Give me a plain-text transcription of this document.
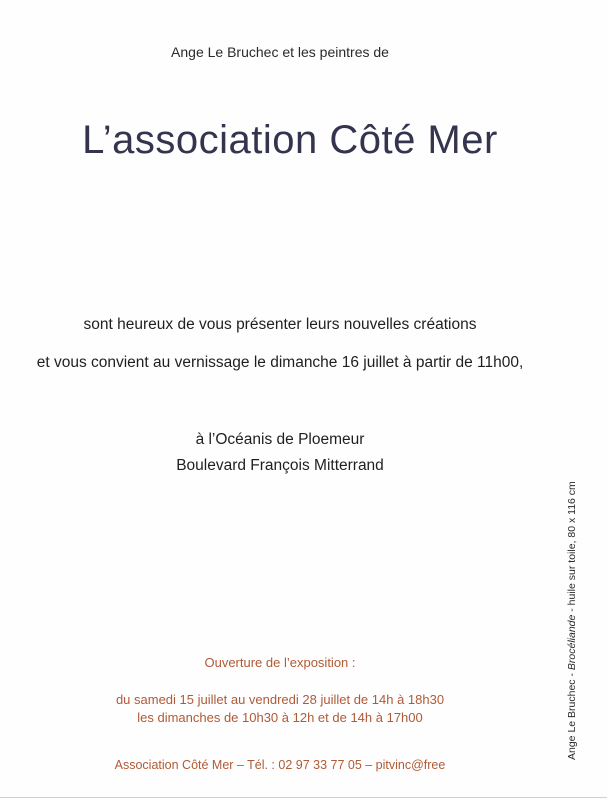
Ange Le Bruchec et les peintres de
L’association Côté Mer
sont heureux de vous présenter leurs nouvelles créations
et vous convient au vernissage le dimanche 16 juillet à partir de 11h00,
à l’Océanis de Ploemeur
Boulevard François Mitterrand
Ouverture de l’exposition :
du samedi 15 juillet au vendredi 28 juillet de 14h à 18h30
les dimanches de 10h30 à 12h et de 14h à 17h00
Association Côté Mer – Tél. : 02 97 33 77 05 – pitvinc@free
Ange Le Bruchec - Brocéliande - huile sur toile, 80 x 116 cm
